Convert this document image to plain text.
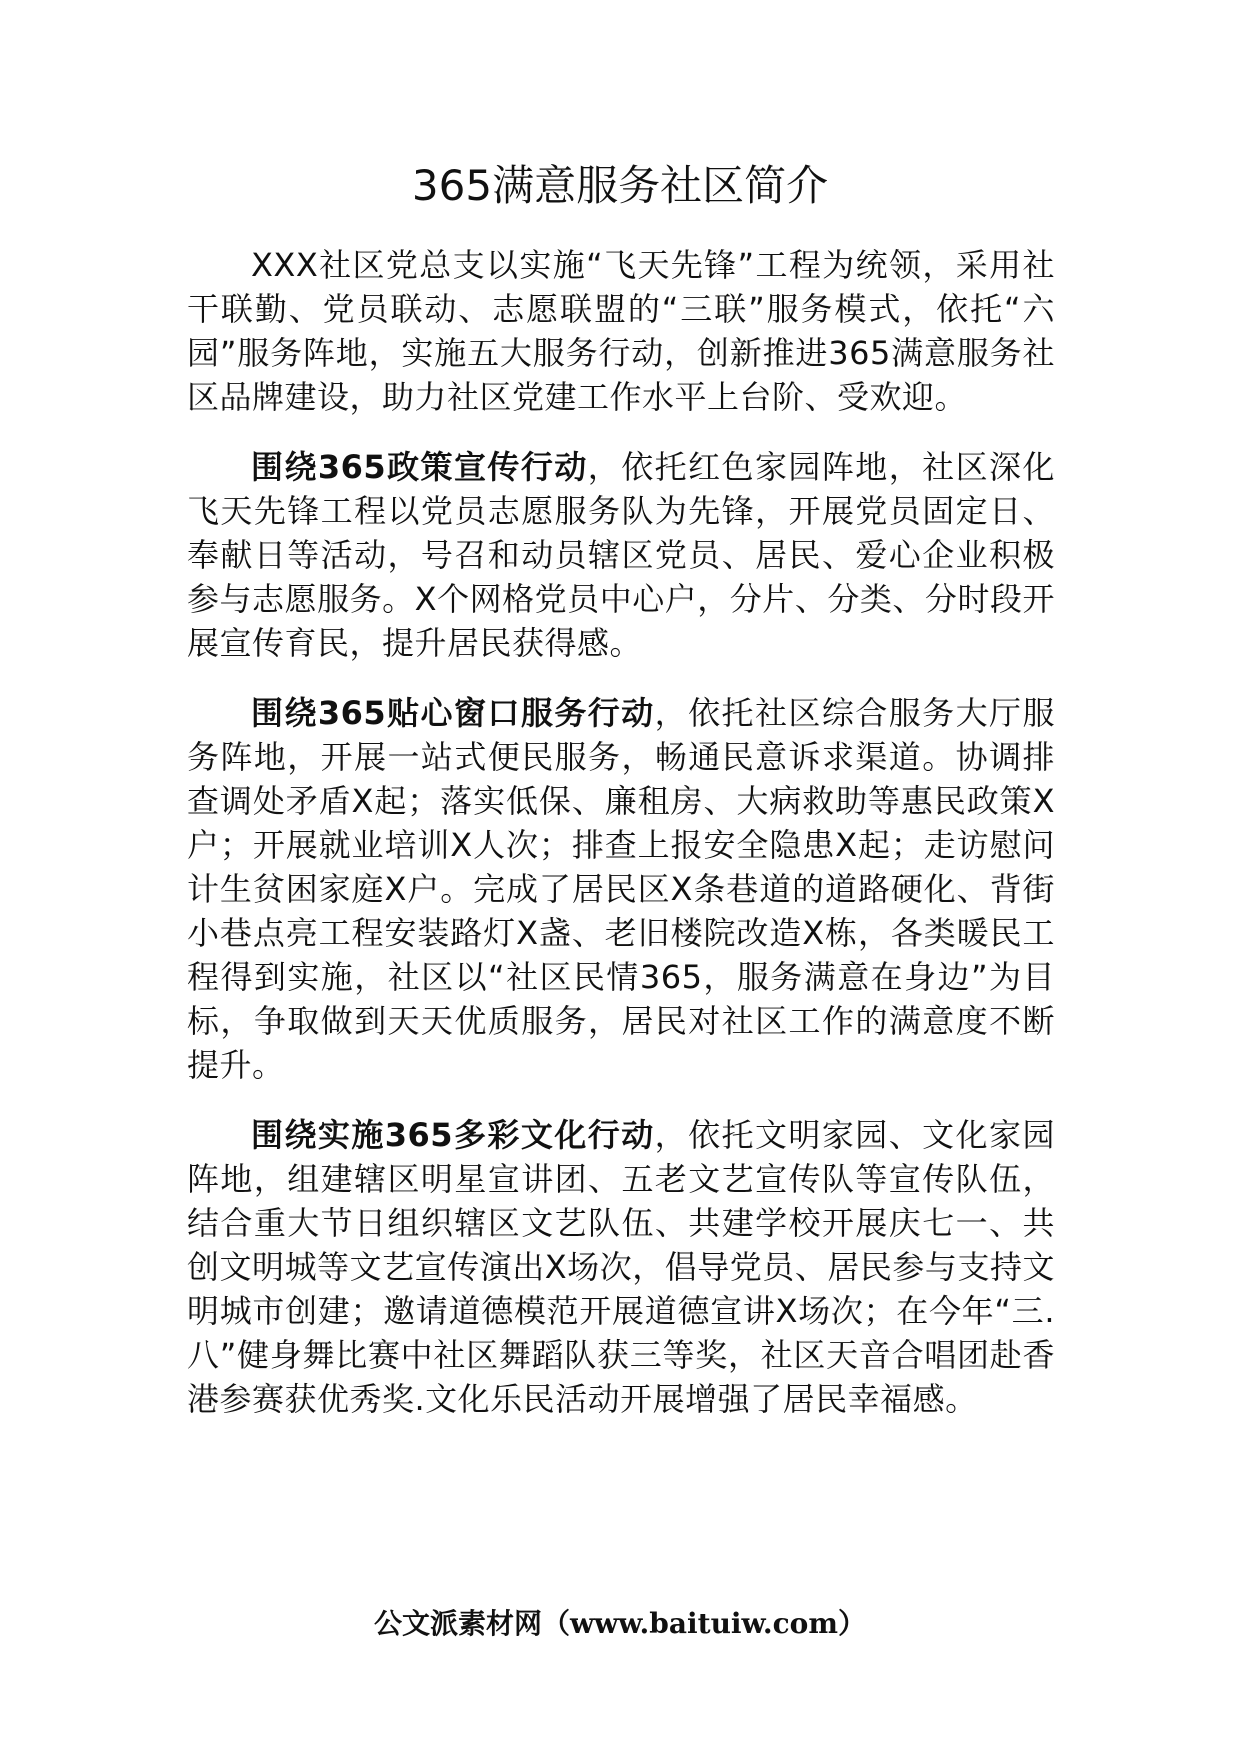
365满意服务社区简介

XXX社区党总支以实施“飞天先锋”工程为统领，采用社干联勤、党员联动、志愿联盟的“三联”服务模式，依托“六园”服务阵地，实施五大服务行动，创新推进365满意服务社区品牌建设，助力社区党建工作水平上台阶、受欢迎。

围绕365政策宣传行动，依托红色家园阵地，社区深化飞天先锋工程以党员志愿服务队为先锋，开展党员固定日、奉献日等活动，号召和动员辖区党员、居民、爱心企业积极参与志愿服务。X个网格党员中心户，分片、分类、分时段开展宣传育民，提升居民获得感。

围绕365贴心窗口服务行动，依托社区综合服务大厅服务阵地，开展一站式便民服务，畅通民意诉求渠道。协调排查调处矛盾X起；落实低保、廉租房、大病救助等惠民政策X户；开展就业培训X人次；排查上报安全隐患X起；走访慰问计生贫困家庭X户。完成了居民区X条巷道的道路硬化、背街小巷点亮工程安装路灯X盏、老旧楼院改造X栋，各类暖民工程得到实施，社区以“社区民情365，服务满意在身边”为目标，争取做到天天优质服务，居民对社区工作的满意度不断提升。

围绕实施365多彩文化行动，依托文明家园、文化家园阵地，组建辖区明星宣讲团、五老文艺宣传队等宣传队伍，结合重大节日组织辖区文艺队伍、共建学校开展庆七一、共创文明城等文艺宣传演出X场次，倡导党员、居民参与支持文明城市创建；邀请道德模范开展道德宣讲X场次；在今年“三.八”健身舞比赛中社区舞蹈队获三等奖，社区天音合唱团赴香港参赛获优秀奖.文化乐民活动开展增强了居民幸福感。

公文派素材网（www.baituiw.com）
